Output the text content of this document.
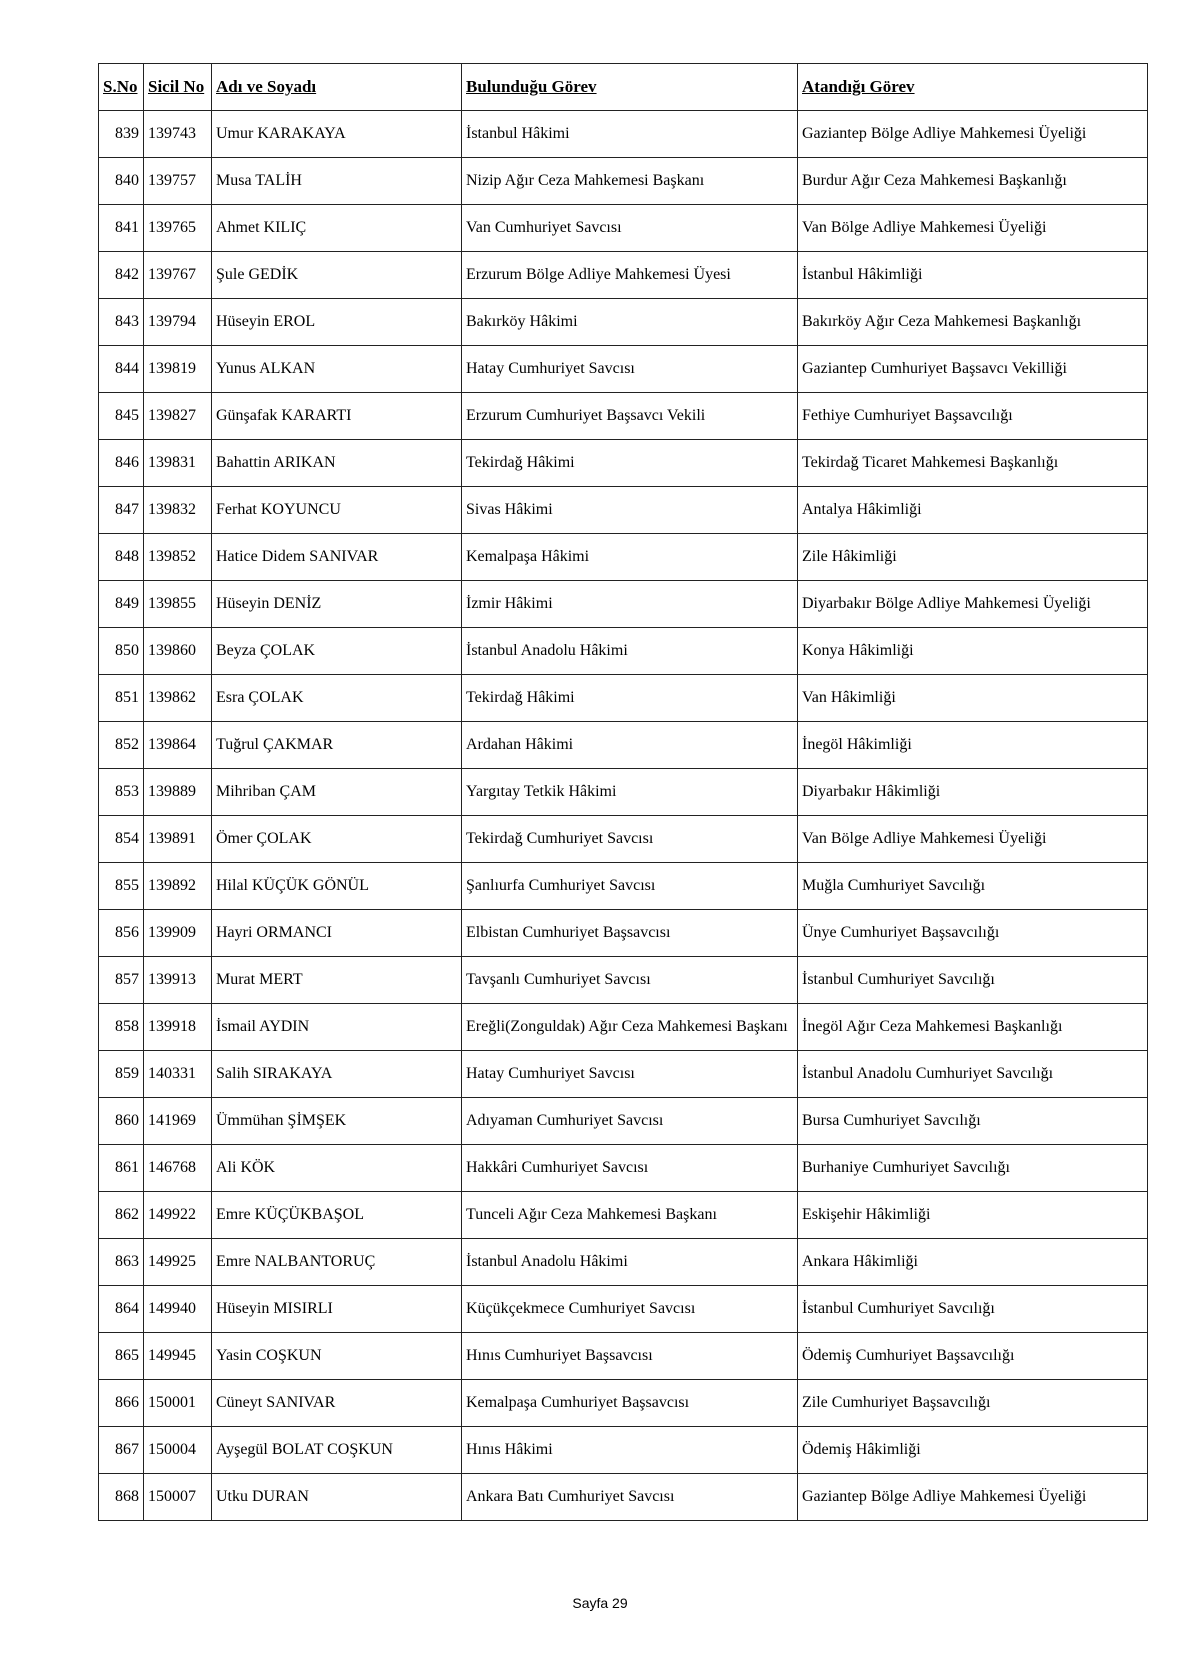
S.No	Sicil No	Adı ve Soyadı	Bulunduğu Görev	Atandığı Görev
839	139743	Umur KARAKAYA	İstanbul Hâkimi	Gaziantep Bölge Adliye Mahkemesi Üyeliği
840	139757	Musa TALİH	Nizip Ağır Ceza Mahkemesi Başkanı	Burdur Ağır Ceza Mahkemesi Başkanlığı
841	139765	Ahmet KILIÇ	Van Cumhuriyet Savcısı	Van Bölge Adliye Mahkemesi Üyeliği
842	139767	Şule GEDİK	Erzurum Bölge Adliye Mahkemesi Üyesi	İstanbul Hâkimliği
843	139794	Hüseyin EROL	Bakırköy Hâkimi	Bakırköy Ağır Ceza Mahkemesi Başkanlığı
844	139819	Yunus ALKAN	Hatay Cumhuriyet Savcısı	Gaziantep Cumhuriyet Başsavcı Vekilliği
845	139827	Günşafak KARARTI	Erzurum Cumhuriyet Başsavcı Vekili	Fethiye Cumhuriyet Başsavcılığı
846	139831	Bahattin ARIKAN	Tekirdağ Hâkimi	Tekirdağ Ticaret Mahkemesi Başkanlığı
847	139832	Ferhat KOYUNCU	Sivas Hâkimi	Antalya Hâkimliği
848	139852	Hatice Didem SANIVAR	Kemalpaşa Hâkimi	Zile Hâkimliği
849	139855	Hüseyin DENİZ	İzmir Hâkimi	Diyarbakır Bölge Adliye Mahkemesi Üyeliği
850	139860	Beyza ÇOLAK	İstanbul Anadolu Hâkimi	Konya Hâkimliği
851	139862	Esra ÇOLAK	Tekirdağ Hâkimi	Van Hâkimliği
852	139864	Tuğrul ÇAKMAR	Ardahan Hâkimi	İnegöl Hâkimliği
853	139889	Mihriban ÇAM	Yargıtay Tetkik Hâkimi	Diyarbakır Hâkimliği
854	139891	Ömer ÇOLAK	Tekirdağ Cumhuriyet Savcısı	Van Bölge Adliye Mahkemesi Üyeliği
855	139892	Hilal KÜÇÜK GÖNÜL	Şanlıurfa Cumhuriyet Savcısı	Muğla Cumhuriyet Savcılığı
856	139909	Hayri ORMANCI	Elbistan Cumhuriyet Başsavcısı	Ünye Cumhuriyet Başsavcılığı
857	139913	Murat MERT	Tavşanlı Cumhuriyet Savcısı	İstanbul Cumhuriyet Savcılığı
858	139918	İsmail AYDIN	Ereğli(Zonguldak) Ağır Ceza Mahkemesi Başkanı	İnegöl Ağır Ceza Mahkemesi Başkanlığı
859	140331	Salih SIRAKAYA	Hatay Cumhuriyet Savcısı	İstanbul Anadolu Cumhuriyet Savcılığı
860	141969	Ümmühan ŞİMŞEK	Adıyaman Cumhuriyet Savcısı	Bursa Cumhuriyet Savcılığı
861	146768	Ali KÖK	Hakkâri Cumhuriyet Savcısı	Burhaniye Cumhuriyet Savcılığı
862	149922	Emre KÜÇÜKBAŞOL	Tunceli Ağır Ceza Mahkemesi Başkanı	Eskişehir Hâkimliği
863	149925	Emre NALBANTORUÇ	İstanbul Anadolu Hâkimi	Ankara Hâkimliği
864	149940	Hüseyin MISIRLI	Küçükçekmece Cumhuriyet Savcısı	İstanbul Cumhuriyet Savcılığı
865	149945	Yasin COŞKUN	Hınıs Cumhuriyet Başsavcısı	Ödemiş Cumhuriyet Başsavcılığı
866	150001	Cüneyt SANIVAR	Kemalpaşa Cumhuriyet Başsavcısı	Zile Cumhuriyet Başsavcılığı
867	150004	Ayşegül BOLAT COŞKUN	Hınıs Hâkimi	Ödemiş Hâkimliği
868	150007	Utku DURAN	Ankara Batı Cumhuriyet Savcısı	Gaziantep Bölge Adliye Mahkemesi Üyeliği
Sayfa 29
